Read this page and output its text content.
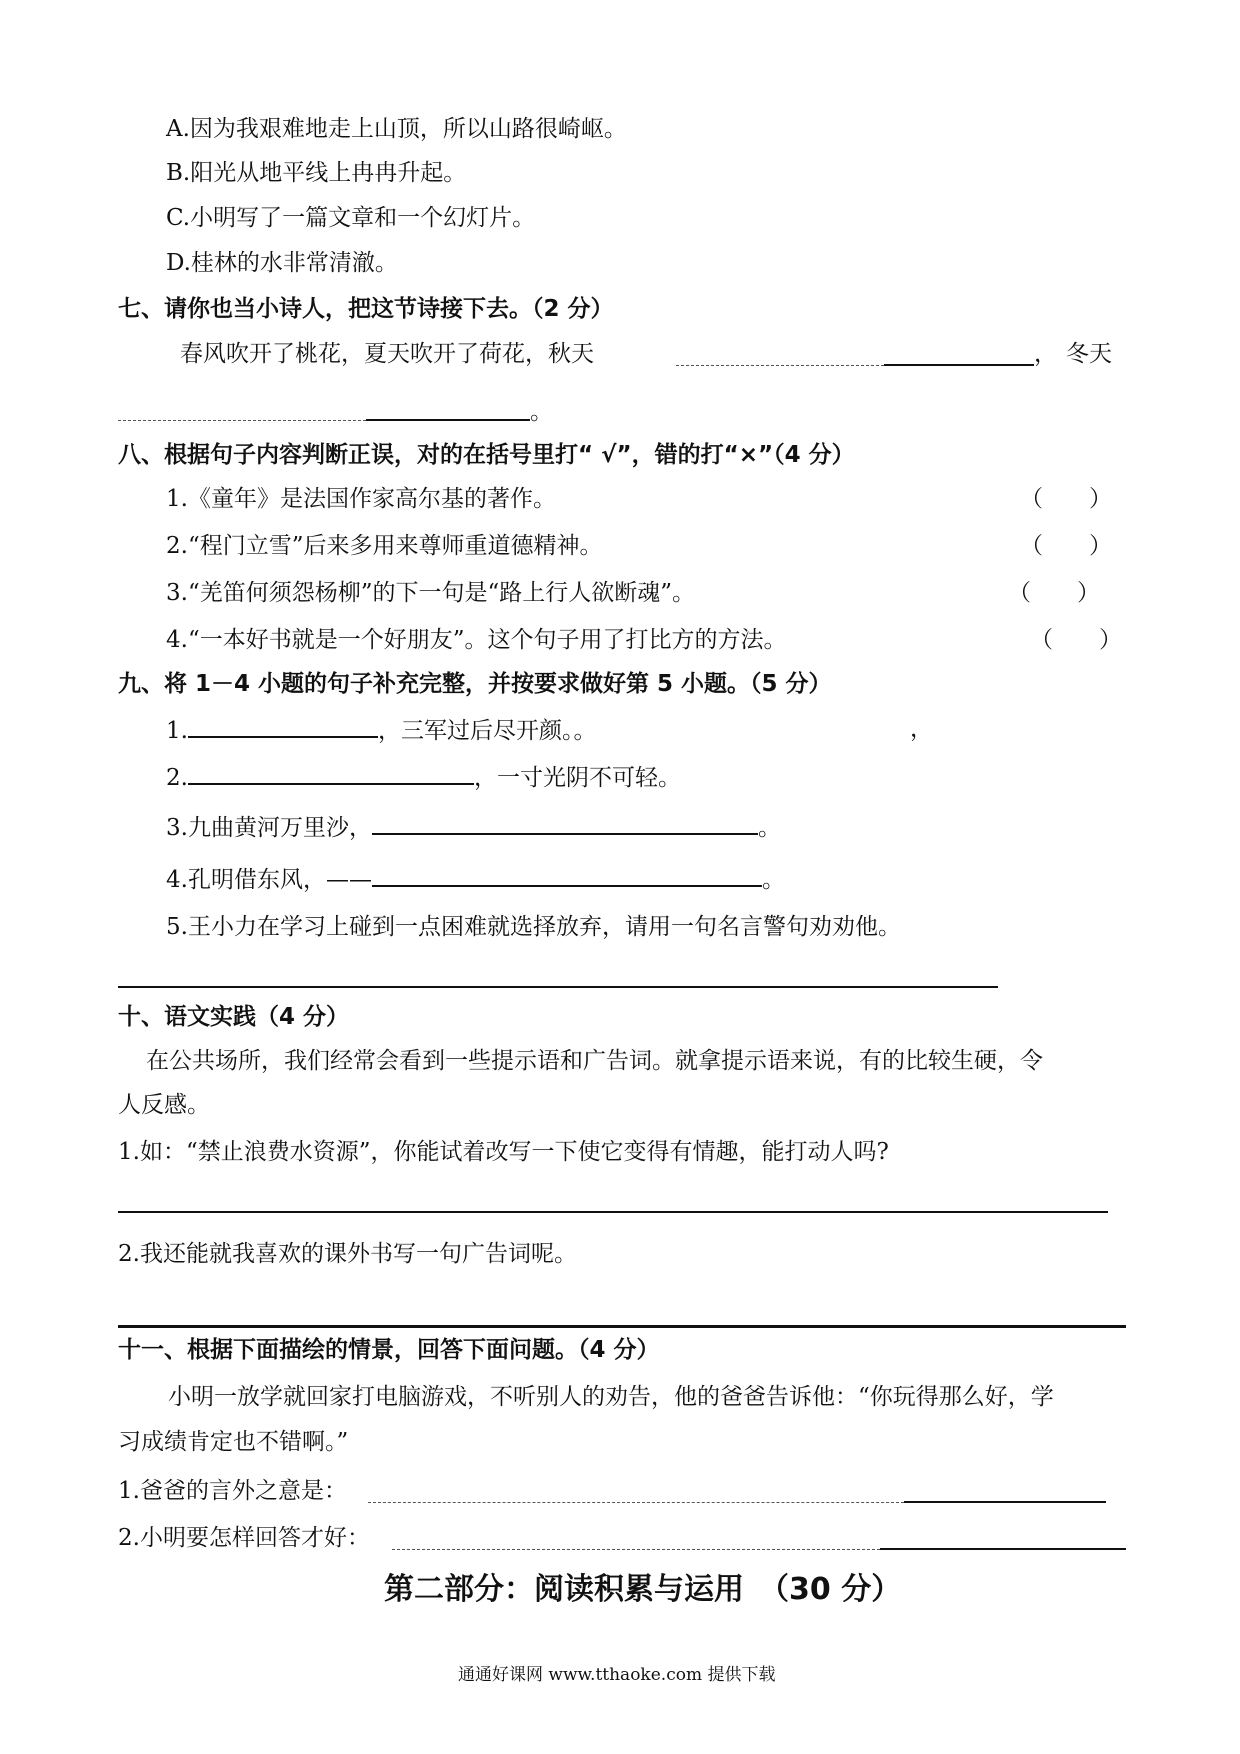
A.因为我艰难地走上山顶，所以山路很崎岖。
B.阳光从地平线上冉冉升起。
C.小明写了一篇文章和一个幻灯片。
D.桂林的水非常清澈。
七、请你也当小诗人，把这节诗接下去。（2 分）
春风吹开了桃花，夏天吹开了荷花，秋天	， 冬天
。
八、根据句子内容判断正误，对的在括号里打“ √”，错的打“×”（4 分）
1.《童年》是法国作家高尔基的著作。	（　　）
2.“程门立雪”后来多用来尊师重道德精神。	（　　）
3.“羌笛何须怨杨柳”的下一句是“路上行人欲断魂”。	（　　）
4.“一本好书就是一个好朋友”。这个句子用了打比方的方法。	（　　）
九、将 1－4 小题的句子补充完整，并按要求做好第 5 小题。（5 分）
1.	，三军过后尽开颜。。	，
2.	，一寸光阴不可轻。
3.九曲黄河万里沙，	。
4.孔明借东风，——	。
5.王小力在学习上碰到一点困难就选择放弃，请用一句名言警句劝劝他。
十、语文实践（4 分）
在公共场所，我们经常会看到一些提示语和广告词。就拿提示语来说，有的比较生硬，令
人反感。
1.如：“禁止浪费水资源”，你能试着改写一下使它变得有情趣，能打动人吗?
2.我还能就我喜欢的课外书写一句广告词呢。
十一、根据下面描绘的情景，回答下面问题。（4 分）
小明一放学就回家打电脑游戏，不听别人的劝告，他的爸爸告诉他：“你玩得那么好，学
习成绩肯定也不错啊。”
1.爸爸的言外之意是：
2.小明要怎样回答才好：
第二部分：阅读积累与运用　（30 分）
通通好课网 www.tthaoke.com 提供下载
